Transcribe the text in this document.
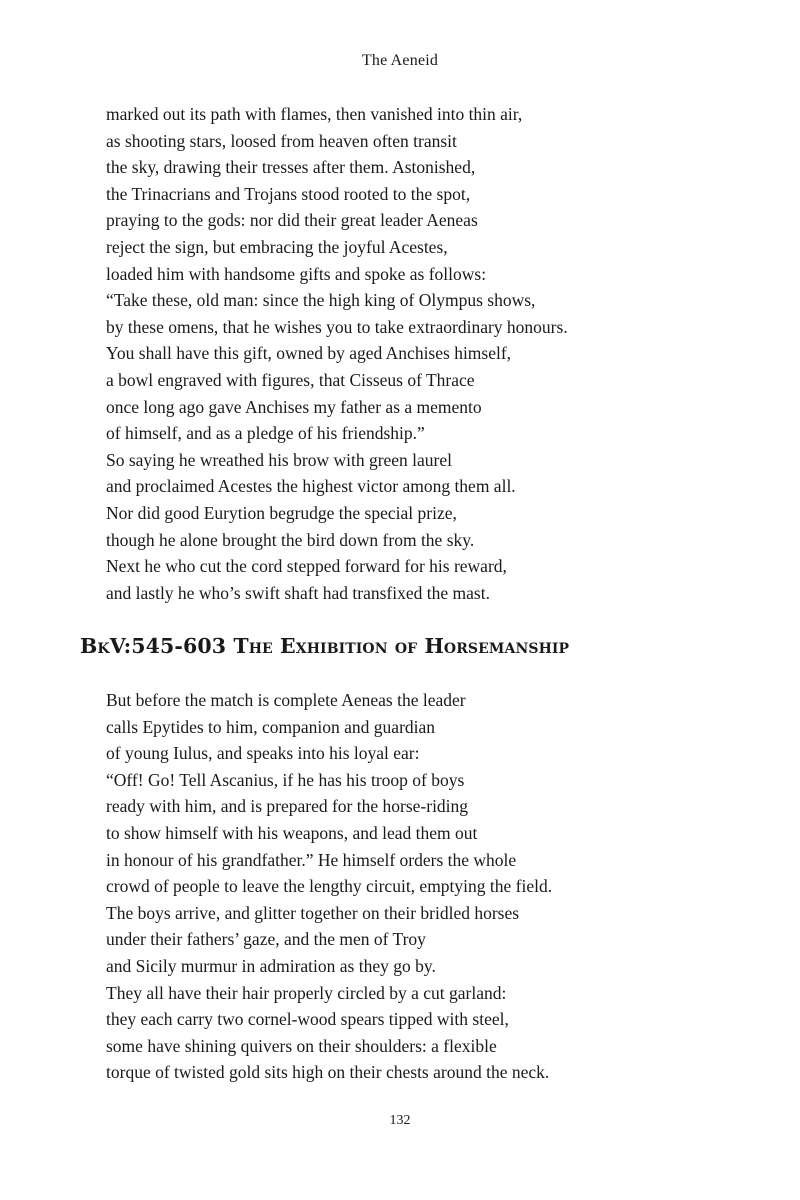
The Aeneid
marked out its path with flames, then vanished into thin air,
as shooting stars, loosed from heaven often transit
the sky, drawing their tresses after them. Astonished,
the Trinacrians and Trojans stood rooted to the spot,
praying to the gods: nor did their great leader Aeneas
reject the sign, but embracing the joyful Acestes,
loaded him with handsome gifts and spoke as follows:
“Take these, old man: since the high king of Olympus shows,
by these omens, that he wishes you to take extraordinary honours.
You shall have this gift, owned by aged Anchises himself,
a bowl engraved with figures, that Cisseus of Thrace
once long ago gave Anchises my father as a memento
of himself, and as a pledge of his friendship.”
So saying he wreathed his brow with green laurel
and proclaimed Acestes the highest victor among them all.
Nor did good Eurytion begrudge the special prize,
though he alone brought the bird down from the sky.
Next he who cut the cord stepped forward for his reward,
and lastly he who’s swift shaft had transfixed the mast.
BkV:545-603 The Exhibition of Horsemanship
But before the match is complete Aeneas the leader
calls Epytides to him, companion and guardian
of young Iulus, and speaks into his loyal ear:
“Off! Go! Tell Ascanius, if he has his troop of boys
ready with him, and is prepared for the horse-riding
to show himself with his weapons, and lead them out
in honour of his grandfather.” He himself orders the whole
crowd of people to leave the lengthy circuit, emptying the field.
The boys arrive, and glitter together on their bridled horses
under their fathers’ gaze, and the men of Troy
and Sicily murmur in admiration as they go by.
They all have their hair properly circled by a cut garland:
they each carry two cornel-wood spears tipped with steel,
some have shining quivers on their shoulders: a flexible
torque of twisted gold sits high on their chests around the neck.
132
